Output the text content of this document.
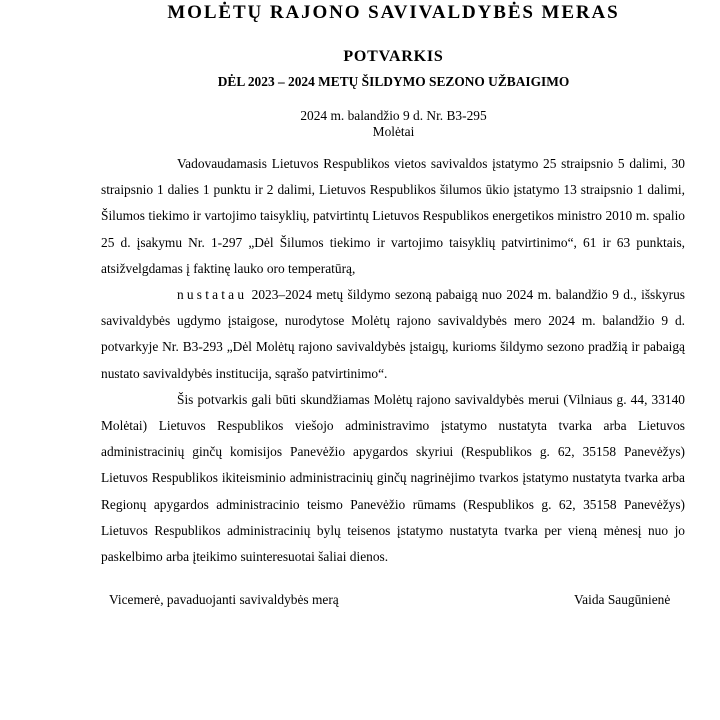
MOLĖTŲ RAJONO SAVIVALDYBĖS MERAS
POTVARKIS
DĖL 2023 – 2024 METŲ ŠILDYMO SEZONO UŽBAIGIMO
2024 m. balandžio 9 d. Nr. B3-295
Molėtai

Vadovaudamasis Lietuvos Respublikos vietos savivaldos įstatymo 25 straipsnio 5 dalimi, 30 straipsnio 1 dalies 1 punktu ir 2 dalimi, Lietuvos Respublikos šilumos ūkio įstatymo 13 straipsnio 1 dalimi, Šilumos tiekimo ir vartojimo taisyklių, patvirtintų Lietuvos Respublikos energetikos ministro 2010 m. spalio 25 d. įsakymu Nr. 1-297 „Dėl Šilumos tiekimo ir vartojimo taisyklių patvirtinimo“, 61 ir 63 punktais, atsižvelgdamas į faktinę lauko oro temperatūrą,

nustatau 2023–2024 metų šildymo sezoną pabaigą nuo 2024 m. balandžio 9 d., išskyrus savivaldybės ugdymo įstaigose, nurodytose Molėtų rajono savivaldybės mero 2024 m. balandžio 9 d. potvarkyje Nr. B3-293 „Dėl Molėtų rajono savivaldybės įstaigų, kurioms šildymo sezono pradžią ir pabaigą nustato savivaldybės institucija, sąrašo patvirtinimo“.

Šis potvarkis gali būti skundžiamas Molėtų rajono savivaldybės merui (Vilniaus g. 44, 33140 Molėtai) Lietuvos Respublikos viešojo administravimo įstatymo nustatyta tvarka arba Lietuvos administracinių ginčų komisijos Panevėžio apygardos skyriui (Respublikos g. 62, 35158 Panevėžys) Lietuvos Respublikos ikiteisminio administracinių ginčų nagrinėjimo tvarkos įstatymo nustatyta tvarka arba Regionų apygardos administracinio teismo Panevėžio rūmams (Respublikos g. 62, 35158 Panevėžys) Lietuvos Respublikos administracinių bylų teisenos įstatymo nustatyta tvarka per vieną mėnesį nuo jo paskelbimo arba įteikimo suinteresuotai šaliai dienos.

Vicemerė, pavaduojanti savivaldybės merą	Vaida Saugūnienė
